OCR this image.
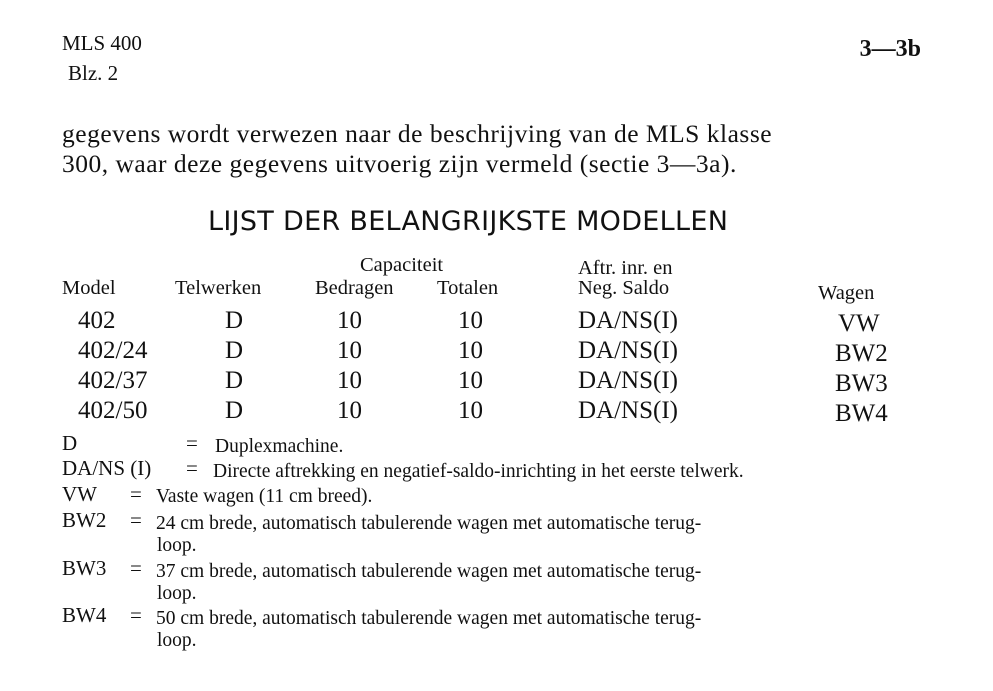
MLS 400
Blz. 2
3—3b
gegevens wordt verwezen naar de beschrijving van de MLS klasse
300, waar deze gegevens uitvoerig zijn vermeld (sectie 3—3a).
LIJST DER BELANGRIJKSTE MODELLEN
Capaciteit	Aftr. inr. en
Model	Telwerken	Bedragen Totalen	Neg. Saldo	Wagen
402	D	10	10	DA/NS(I)	VW
402/24	D	10	10	DA/NS(I)	BW2
402/37	D	10	10	DA/NS(I)	BW3
402/50	D	10	10	DA/NS(I)	BW4
D	= Duplexmachine.
DA/NS (I) = Directe aftrekking en negatief-saldo-inrichting in het eerste telwerk.
VW = Vaste wagen (11 cm breed).
BW2 = 24 cm brede, automatisch tabulerende wagen met automatische terug-
loop.
BW3 = 37 cm brede, automatisch tabulerende wagen met automatische terug-
loop.
BW4 = 50 cm brede, automatisch tabulerende wagen met automatische terug-
loop.
